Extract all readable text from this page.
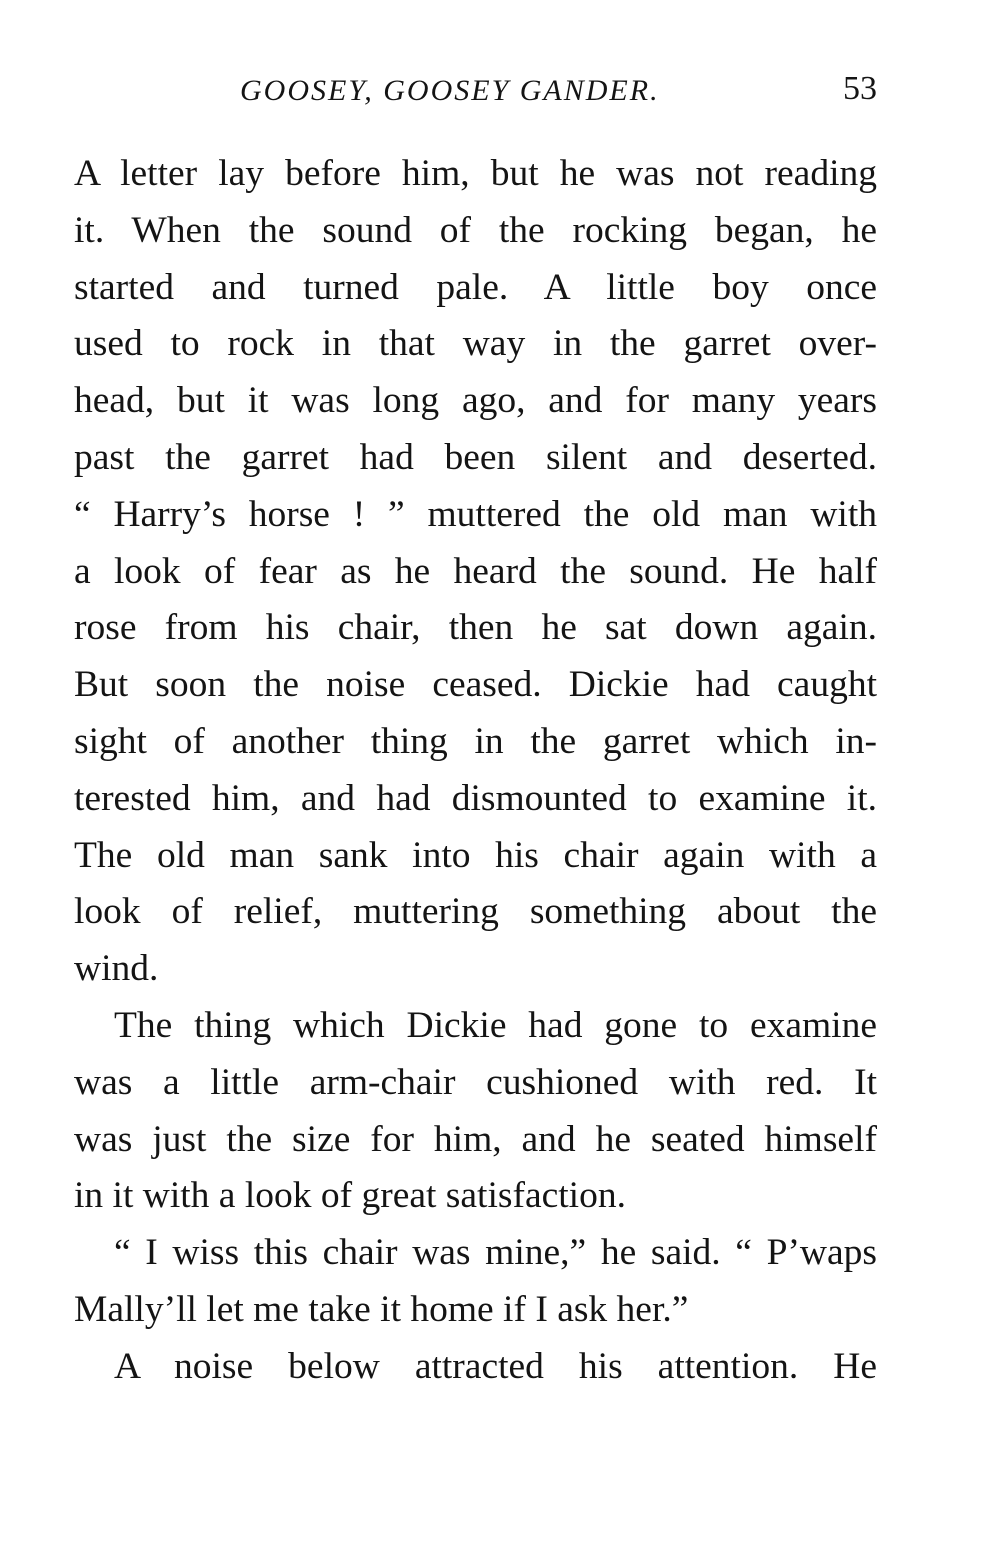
GOOSEY, GOOSEY GANDER.	53

A letter lay before him, but he was not reading
it. When the sound of the rocking began, he
started and turned pale. A little boy once
used to rock in that way in the garret over-
head, but it was long ago, and for many years
past the garret had been silent and deserted.
“ Harry’s horse ! ” muttered the old man with
a look of fear as he heard the sound. He half
rose from his chair, then he sat down again.
But soon the noise ceased. Dickie had caught
sight of another thing in the garret which in-
terested him, and had dismounted to examine it.
The old man sank into his chair again with a
look of relief, muttering something about the
wind.

The thing which Dickie had gone to examine
was a little arm-chair cushioned with red. It
was just the size for him, and he seated himself
in it with a look of great satisfaction.

“ I wiss this chair was mine,” he said. “ P’waps
Mally’ll let me take it home if I ask her.”

A noise below attracted his attention. He
